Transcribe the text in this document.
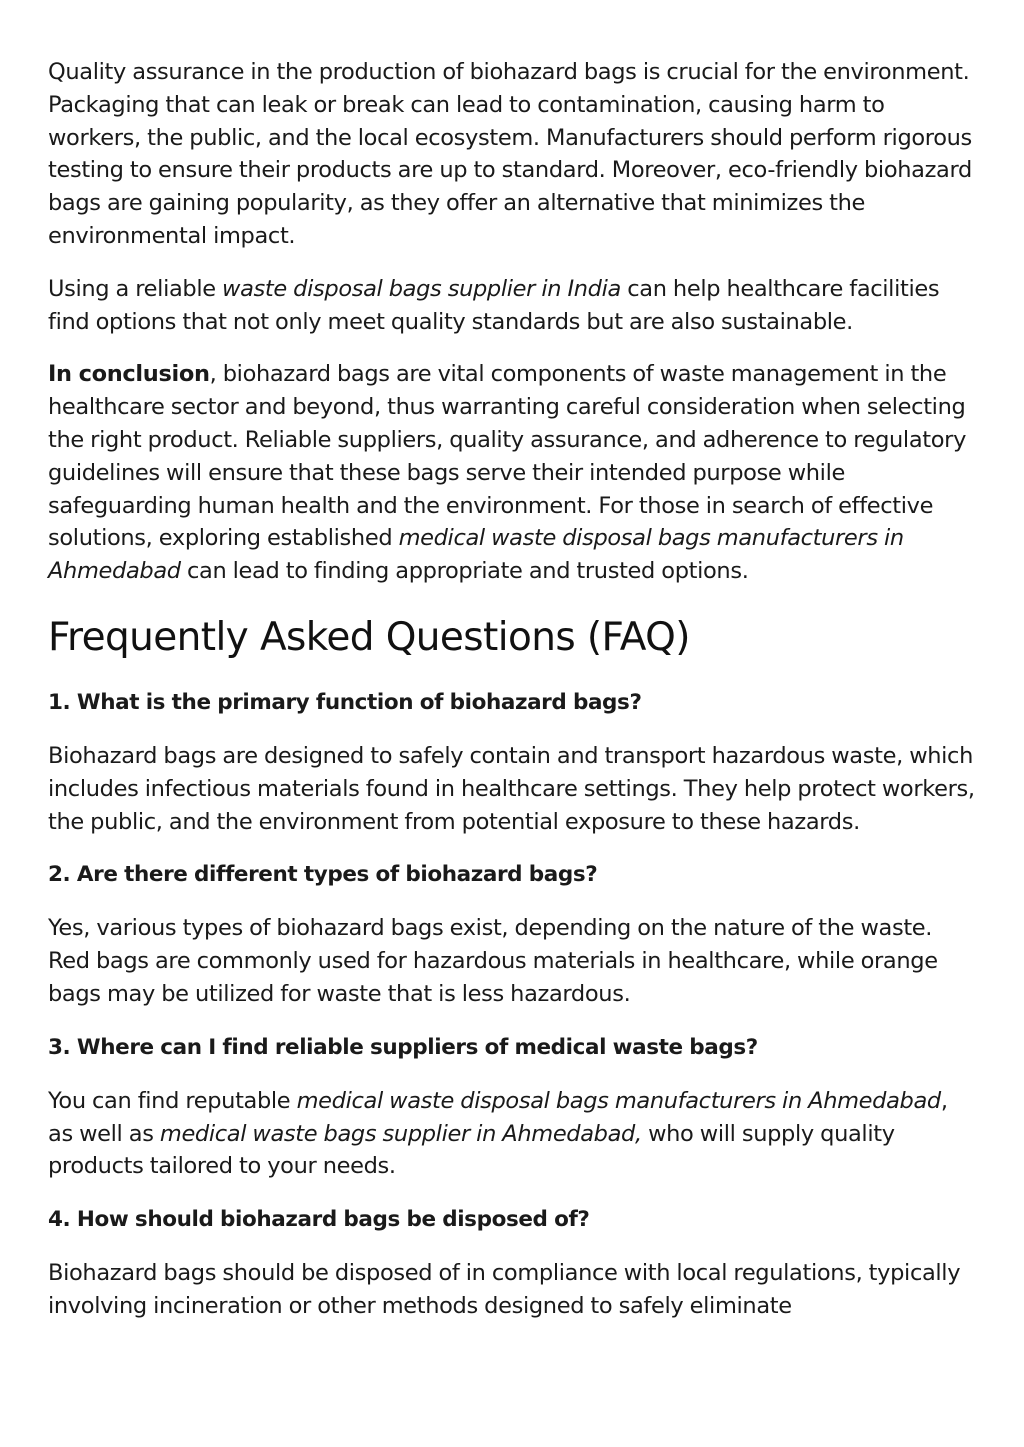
Quality assurance in the production of biohazard bags is crucial for the environment. Packaging that can leak or break can lead to contamination, causing harm to workers, the public, and the local ecosystem. Manufacturers should perform rigorous testing to ensure their products are up to standard. Moreover, eco-friendly biohazard bags are gaining popularity, as they offer an alternative that minimizes the environmental impact.

Using a reliable waste disposal bags supplier in India can help healthcare facilities find options that not only meet quality standards but are also sustainable.

In conclusion, biohazard bags are vital components of waste management in the healthcare sector and beyond, thus warranting careful consideration when selecting the right product. Reliable suppliers, quality assurance, and adherence to regulatory guidelines will ensure that these bags serve their intended purpose while safeguarding human health and the environment. For those in search of effective solutions, exploring established medical waste disposal bags manufacturers in Ahmedabad can lead to finding appropriate and trusted options.

Frequently Asked Questions (FAQ)

1. What is the primary function of biohazard bags?

Biohazard bags are designed to safely contain and transport hazardous waste, which includes infectious materials found in healthcare settings. They help protect workers, the public, and the environment from potential exposure to these hazards.

2. Are there different types of biohazard bags?

Yes, various types of biohazard bags exist, depending on the nature of the waste. Red bags are commonly used for hazardous materials in healthcare, while orange bags may be utilized for waste that is less hazardous.

3. Where can I find reliable suppliers of medical waste bags?

You can find reputable medical waste disposal bags manufacturers in Ahmedabad, as well as medical waste bags supplier in Ahmedabad, who will supply quality products tailored to your needs.

4. How should biohazard bags be disposed of?

Biohazard bags should be disposed of in compliance with local regulations, typically involving incineration or other methods designed to safely eliminate
